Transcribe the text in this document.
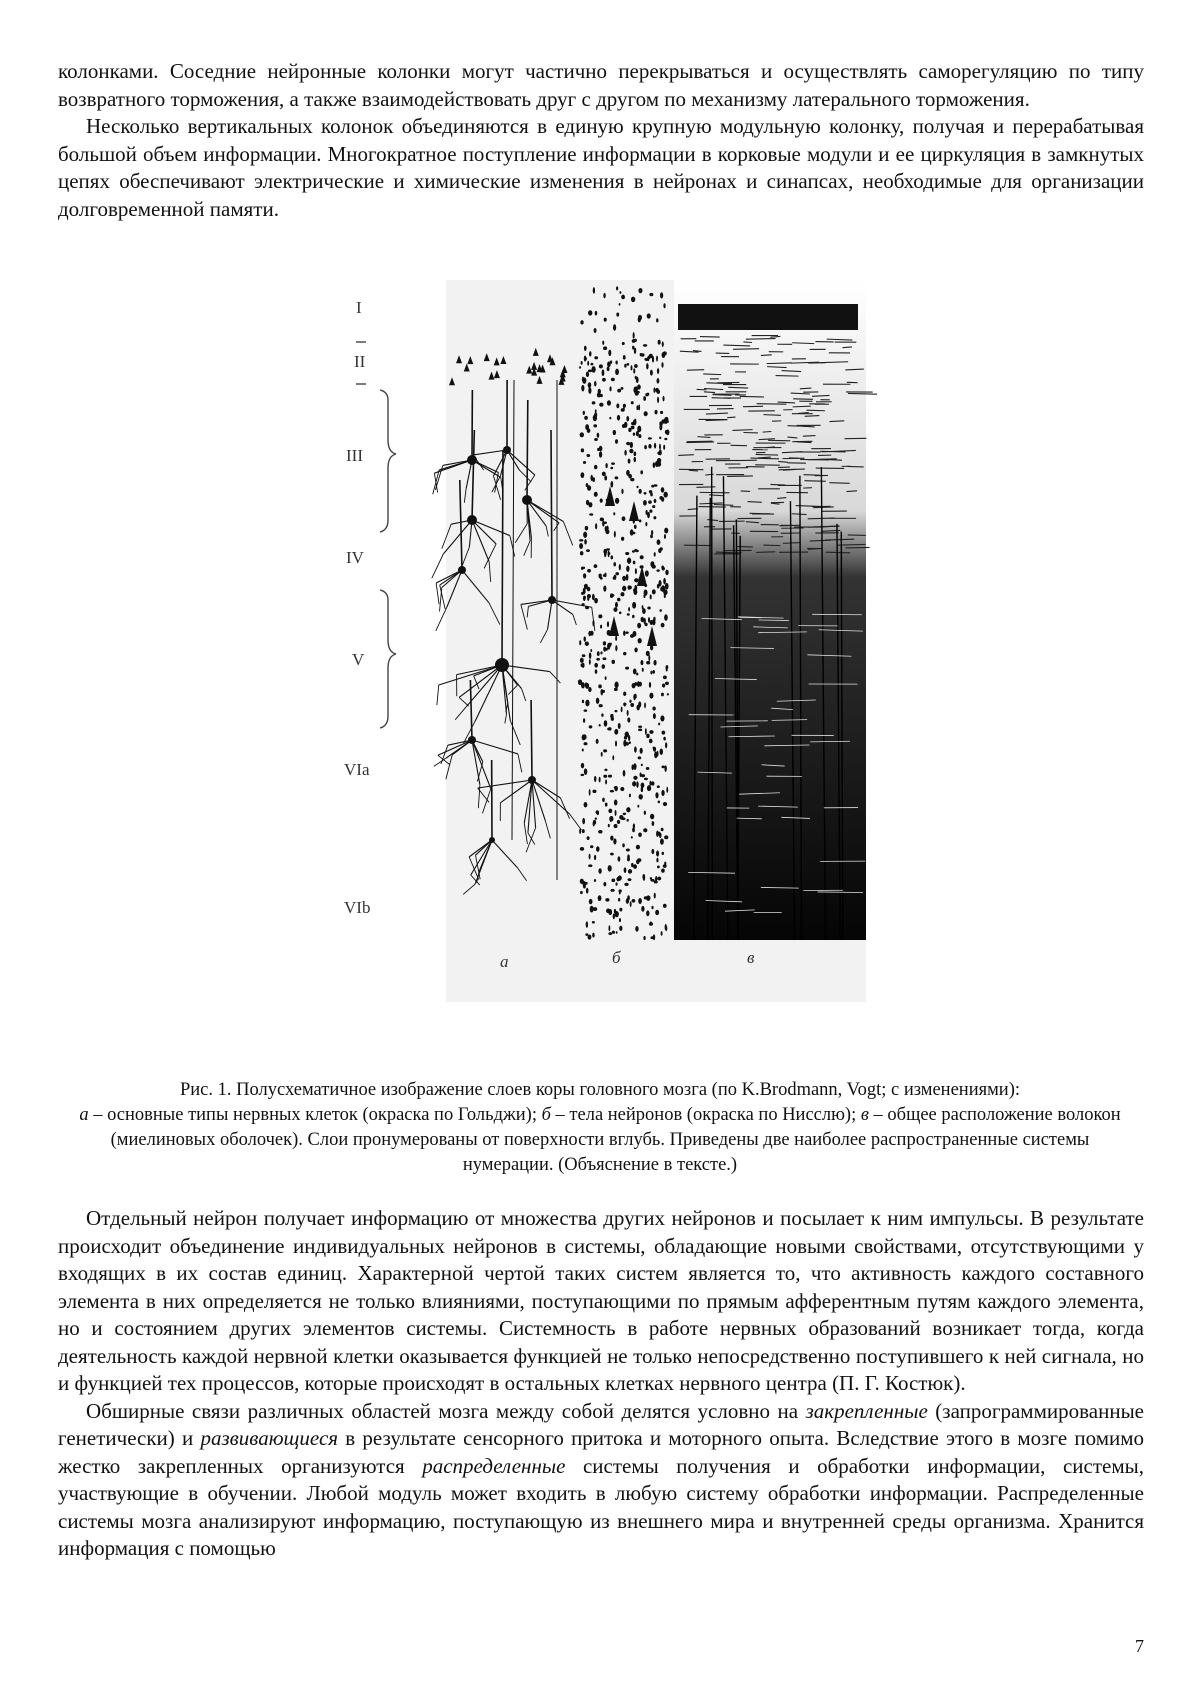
колонками. Соседние нейронные колонки могут частично перекрываться и осуществлять саморегуляцию по типу возвратного торможения, а также взаимодействовать друг с другом по механизму латерального торможения.

Несколько вертикальных колонок объединяются в единую крупную модульную колонку, получая и перерабатывая большой объем информации. Многократное поступление информации в корковые модули и ее циркуляция в замкнутых цепях обеспечивают электрические и химические изменения в нейронах и синапсах, необходимые для организации долговременной памяти.

I
II
III
IV
V
VIa
VIb
а	б	в
Рис. 1. Полусхематичное изображение слоев коры головного мозга (по K.Brodmann, Vogt; с изменениями):
а – основные типы нервных клеток (окраска по Гольджи); б – тела нейронов (окраска по Нисслю); в – общее расположение волокон (миелиновых оболочек). Слои пронумерованы от поверхности вглубь. Приведены две наиболее распространенные системы нумерации. (Объяснение в тексте.)

Отдельный нейрон получает информацию от множества других нейронов и посылает к ним импульсы. В результате происходит объединение индивидуальных нейронов в системы, обладающие новыми свойствами, отсутствующими у входящих в их состав единиц. Характерной чертой таких систем является то, что активность каждого составного элемента в них определяется не только влияниями, поступающими по прямым афферентным путям каждого элемента, но и состоянием других элементов системы. Системность в работе нервных образований возникает тогда, когда деятельность каждой нервной клетки оказывается функцией не только непосредственно поступившего к ней сигнала, но и функцией тех процессов, которые происходят в остальных клетках нервного центра (П. Г. Костюк).

Обширные связи различных областей мозга между собой делятся условно на закрепленные (запрограммированные генетически) и развивающиеся в результате сенсорного притока и моторного опыта. Вследствие этого в мозге помимо жестко закрепленных организуются распределенные системы получения и обработки информации, системы, участвующие в обучении. Любой модуль может входить в любую систему обработки информации. Распределенные системы мозга анализируют информацию, поступающую из внешнего мира и внутренней среды организма. Хранится информация с помощью

7
